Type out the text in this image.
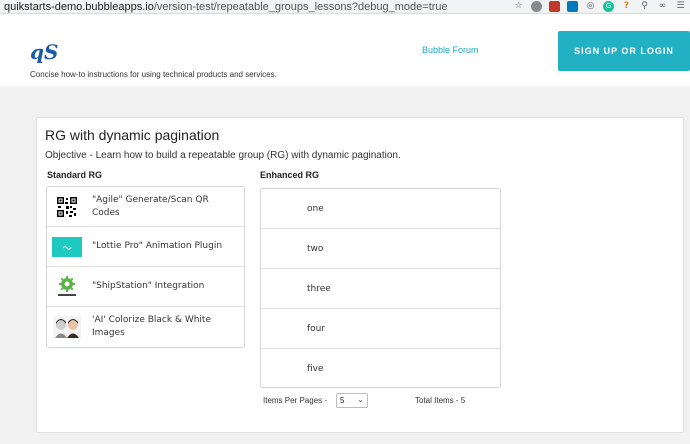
quikstarts-demo.bubbleapps.io/version-test/repeatable_groups_lessons?debug_mode=true	☆	◎	G	?	⚲ ∞ ☰
qS
Concise how-to instructions for using technical products and services.
Bubble Forum	SIGN UP OR LOGIN
RG with dynamic pagination
Objective - Learn how to build a repeatable group (RG) with dynamic pagination.
Standard RG	Enhanced RG
"Agile" Generate/Scan QR Codes
"Lottie Pro" Animation Plugin
"ShipStation" Integration
'AI' Colorize Black & White Images
one
two
three
four
five
Items Per Pages - 5 ⌄	Total Items - 5
